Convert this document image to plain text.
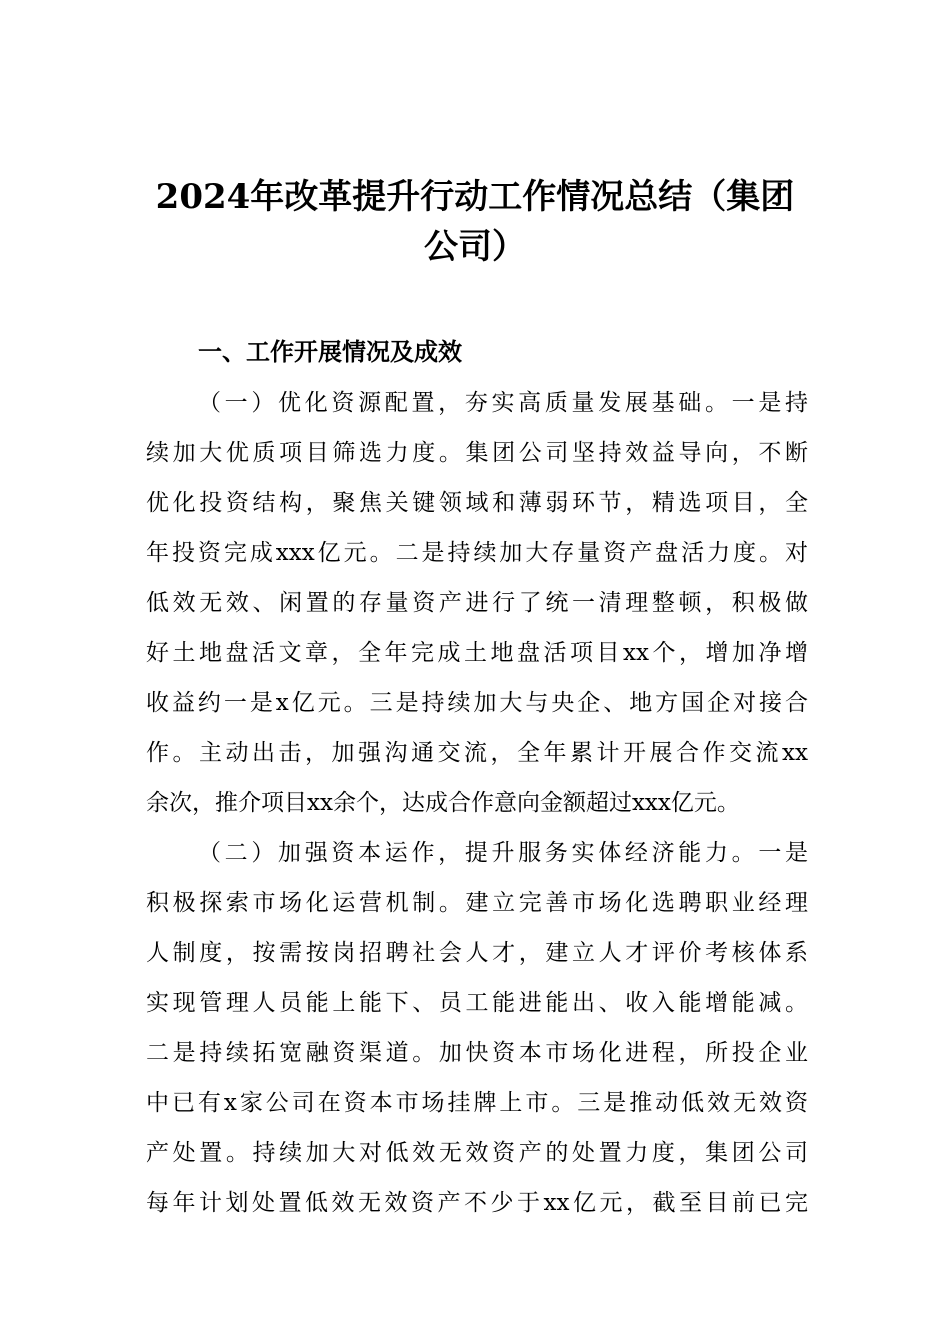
2024年改革提升行动工作情况总结（集团
公司）
一、工作开展情况及成效
（一）优化资源配置，夯实高质量发展基础。一是持
续加大优质项目筛选力度。集团公司坚持效益导向，不断
优化投资结构，聚焦关键领域和薄弱环节，精选项目，全
年投资完成xxx亿元。二是持续加大存量资产盘活力度。对
低效无效、闲置的存量资产进行了统一清理整顿，积极做
好土地盘活文章，全年完成土地盘活项目xx个，增加净增
收益约一是x亿元。三是持续加大与央企、地方国企对接合
作。主动出击，加强沟通交流，全年累计开展合作交流xx
余次，推介项目xx余个，达成合作意向金额超过xxx亿元。
（二）加强资本运作，提升服务实体经济能力。一是
积极探索市场化运营机制。建立完善市场化选聘职业经理
人制度，按需按岗招聘社会人才，建立人才评价考核体系
实现管理人员能上能下、员工能进能出、收入能增能减。
二是持续拓宽融资渠道。加快资本市场化进程，所投企业
中已有x家公司在资本市场挂牌上市。三是推动低效无效资
产处置。持续加大对低效无效资产的处置力度，集团公司
每年计划处置低效无效资产不少于xx亿元，截至目前已完
